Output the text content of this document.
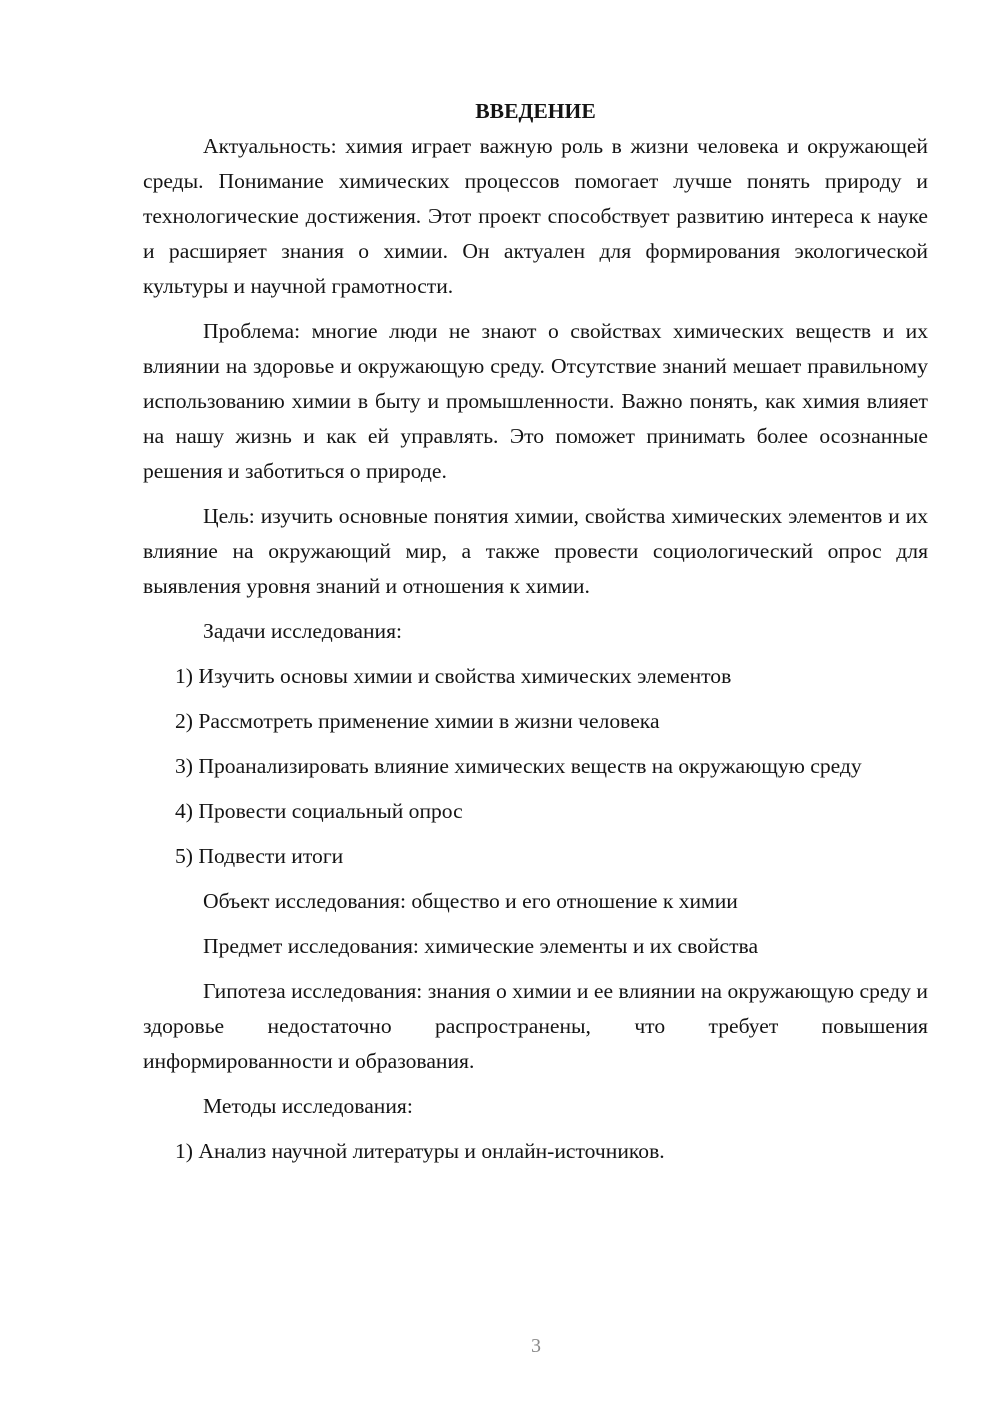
ВВЕДЕНИЕ

Актуальность: химия играет важную роль в жизни человека и окружающей среды. Понимание химических процессов помогает лучше понять природу и технологические достижения. Этот проект способствует развитию интереса к науке и расширяет знания о химии. Он актуален для формирования экологической культуры и научной грамотности.

Проблема: многие люди не знают о свойствах химических веществ и их влиянии на здоровье и окружающую среду. Отсутствие знаний мешает правильному использованию химии в быту и промышленности. Важно понять, как химия влияет на нашу жизнь и как ей управлять. Это поможет принимать более осознанные решения и заботиться о природе.

Цель: изучить основные понятия химии, свойства химических элементов и их влияние на окружающий мир, а также провести социологический опрос для выявления уровня знаний и отношения к химии.

Задачи исследования:

1) Изучить основы химии и свойства химических элементов

2) Рассмотреть применение химии в жизни человека

3) Проанализировать влияние химических веществ на окружающую среду

4) Провести социальный опрос

5) Подвести итоги

Объект исследования: общество и его отношение к химии

Предмет исследования: химические элементы и их свойства

Гипотеза исследования: знания о химии и ее влиянии на окружающую среду и здоровье недостаточно распространены, что требует повышения информированности и образования.

Методы исследования:

1) Анализ научной литературы и онлайн-источников.

3
